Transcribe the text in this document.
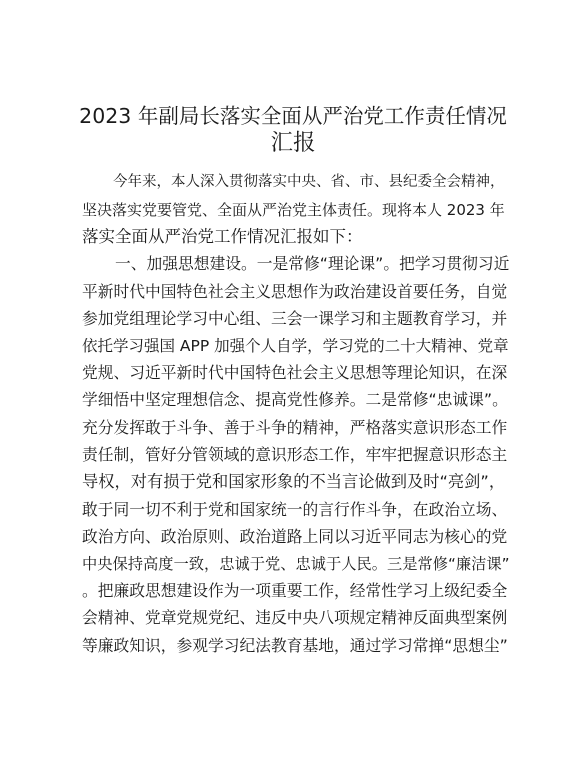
2023 年副局长落实全面从严治党工作责任情况
汇报

今年来，本人深入贯彻落实中央、省、市、县纪委全会精神，

坚决落实党要管党、全面从严治党主体责任。现将本人 2023 年

落实全面从严治党工作情况汇报如下：

一、加强思想建设。一是常修“理论课”。把学习贯彻习近

平新时代中国特色社会主义思想作为政治建设首要任务，自觉

参加党组理论学习中心组、三会一课学习和主题教育学习，并

依托学习强国 APP 加强个人自学，学习党的二十大精神、党章

党规、习近平新时代中国特色社会主义思想等理论知识，在深

学细悟中坚定理想信念、提高党性修养。二是常修“忠诚课”。

充分发挥敢于斗争、善于斗争的精神，严格落实意识形态工作

责任制，管好分管领域的意识形态工作，牢牢把握意识形态主

导权，对有损于党和国家形象的不当言论做到及时“亮剑”，

敢于同一切不利于党和国家统一的言行作斗争，在政治立场、

政治方向、政治原则、政治道路上同以习近平同志为核心的党

中央保持高度一致，忠诚于党、忠诚于人民。三是常修“廉洁课”

。把廉政思想建设作为一项重要工作，经常性学习上级纪委全

会精神、党章党规党纪、违反中央八项规定精神反面典型案例

等廉政知识，参观学习纪法教育基地，通过学习常掸“思想尘”
